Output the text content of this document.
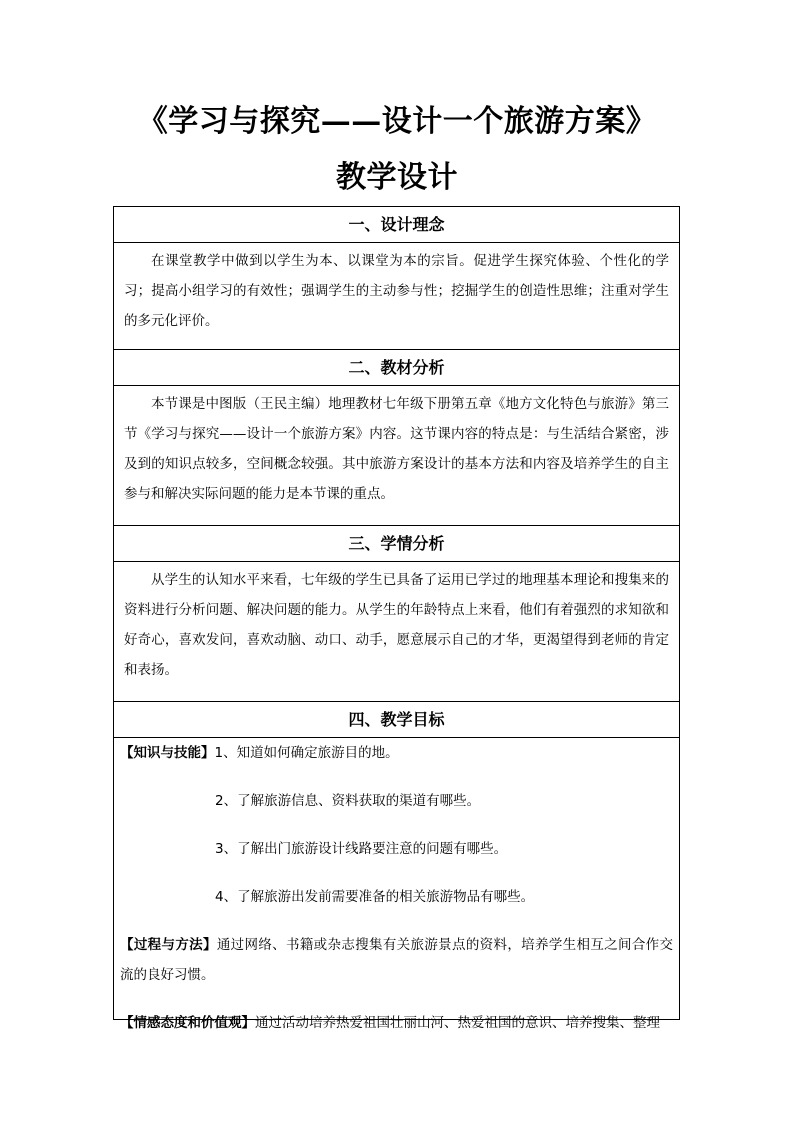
《学习与探究——设计一个旅游方案》
教学设计
一、设计理念

在课堂教学中做到以学生为本、以课堂为本的宗旨。促进学生探究体验、个性化的学习；提高小组学习的有效性；强调学生的主动参与性；挖掘学生的创造性思维；注重对学生的多元化评价。

二、教材分析

本节课是中图版（王民主编）地理教材七年级下册第五章《地方文化特色与旅游》第三节《学习与探究——设计一个旅游方案》内容。这节课内容的特点是：与生活结合紧密，涉及到的知识点较多，空间概念较强。其中旅游方案设计的基本方法和内容及培养学生的自主参与和解决实际问题的能力是本节课的重点。

三、学情分析

从学生的认知水平来看，七年级的学生已具备了运用已学过的地理基本理论和搜集来的资料进行分析问题、解决问题的能力。从学生的年龄特点上来看，他们有着强烈的求知欲和好奇心，喜欢发问，喜欢动脑、动口、动手，愿意展示自己的才华，更渴望得到老师的肯定和表扬。

四、教学目标
【知识与技能】1、知道如何确定旅游目的地。
2、了解旅游信息、资料获取的渠道有哪些。
3、了解出门旅游设计线路要注意的问题有哪些。
4、了解旅游出发前需要准备的相关旅游物品有哪些。
【过程与方法】通过网络、书籍或杂志搜集有关旅游景点的资料，培养学生相互之间合作交流的良好习惯。
【情感态度和价值观】通过活动培养热爱祖国壮丽山河、热爱祖国的意识、培养搜集、整理
